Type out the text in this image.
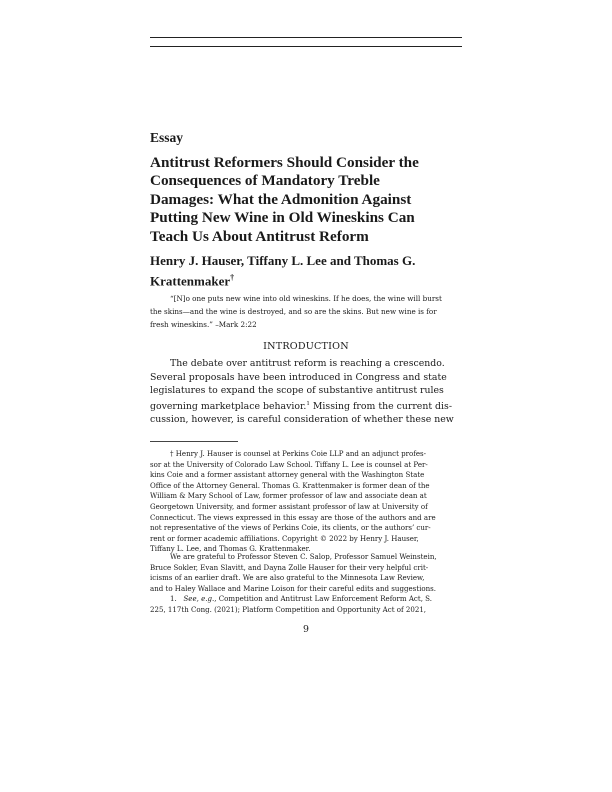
Essay
Antitrust Reformers Should Consider the
Consequences of Mandatory Treble
Damages: What the Admonition Against
Putting New Wine in Old Wineskins Can
Teach Us About Antitrust Reform
Henry J. Hauser, Tiffany L. Lee and Thomas G.
Krattenmaker†
“[N]o one puts new wine into old wineskins. If he does, the wine will burst
the skins—and the wine is destroyed, and so are the skins. But new wine is for
fresh wineskins.” –Mark 2:22
INTRODUCTION
The debate over antitrust reform is reaching a crescendo.
Several proposals have been introduced in Congress and state
legislatures to expand the scope of substantive antitrust rules
governing marketplace behavior.$^1$ Missing from the current dis-
cussion, however, is careful consideration of whether these new
† Henry J. Hauser is counsel at Perkins Coie LLP and an adjunct profes-
sor at the University of Colorado Law School. Tiffany L. Lee is counsel at Per-
kins Coie and a former assistant attorney general with the Washington State
Office of the Attorney General. Thomas G. Krattenmaker is former dean of the
William & Mary School of Law, former professor of law and associate dean at
Georgetown University, and former assistant professor of law at University of
Connecticut. The views expressed in this essay are those of the authors and are
not representative of the views of Perkins Coie, its clients, or the authors’ cur-
rent or former academic affiliations. Copyright © 2022 by Henry J. Hauser,
Tiffany L. Lee, and Thomas G. Krattenmaker.
We are grateful to Professor Steven C. Salop, Professor Samuel Weinstein,
Bruce Sokler, Evan Slavitt, and Dayna Zolle Hauser for their very helpful crit-
icisms of an earlier draft. We are also grateful to the Minnesota Law Review,
and to Haley Wallace and Marine Loison for their careful edits and suggestions.
1. See, e.g., Competition and Antitrust Law Enforcement Reform Act, S.
225, 117th Cong. (2021); Platform Competition and Opportunity Act of 2021,
9
